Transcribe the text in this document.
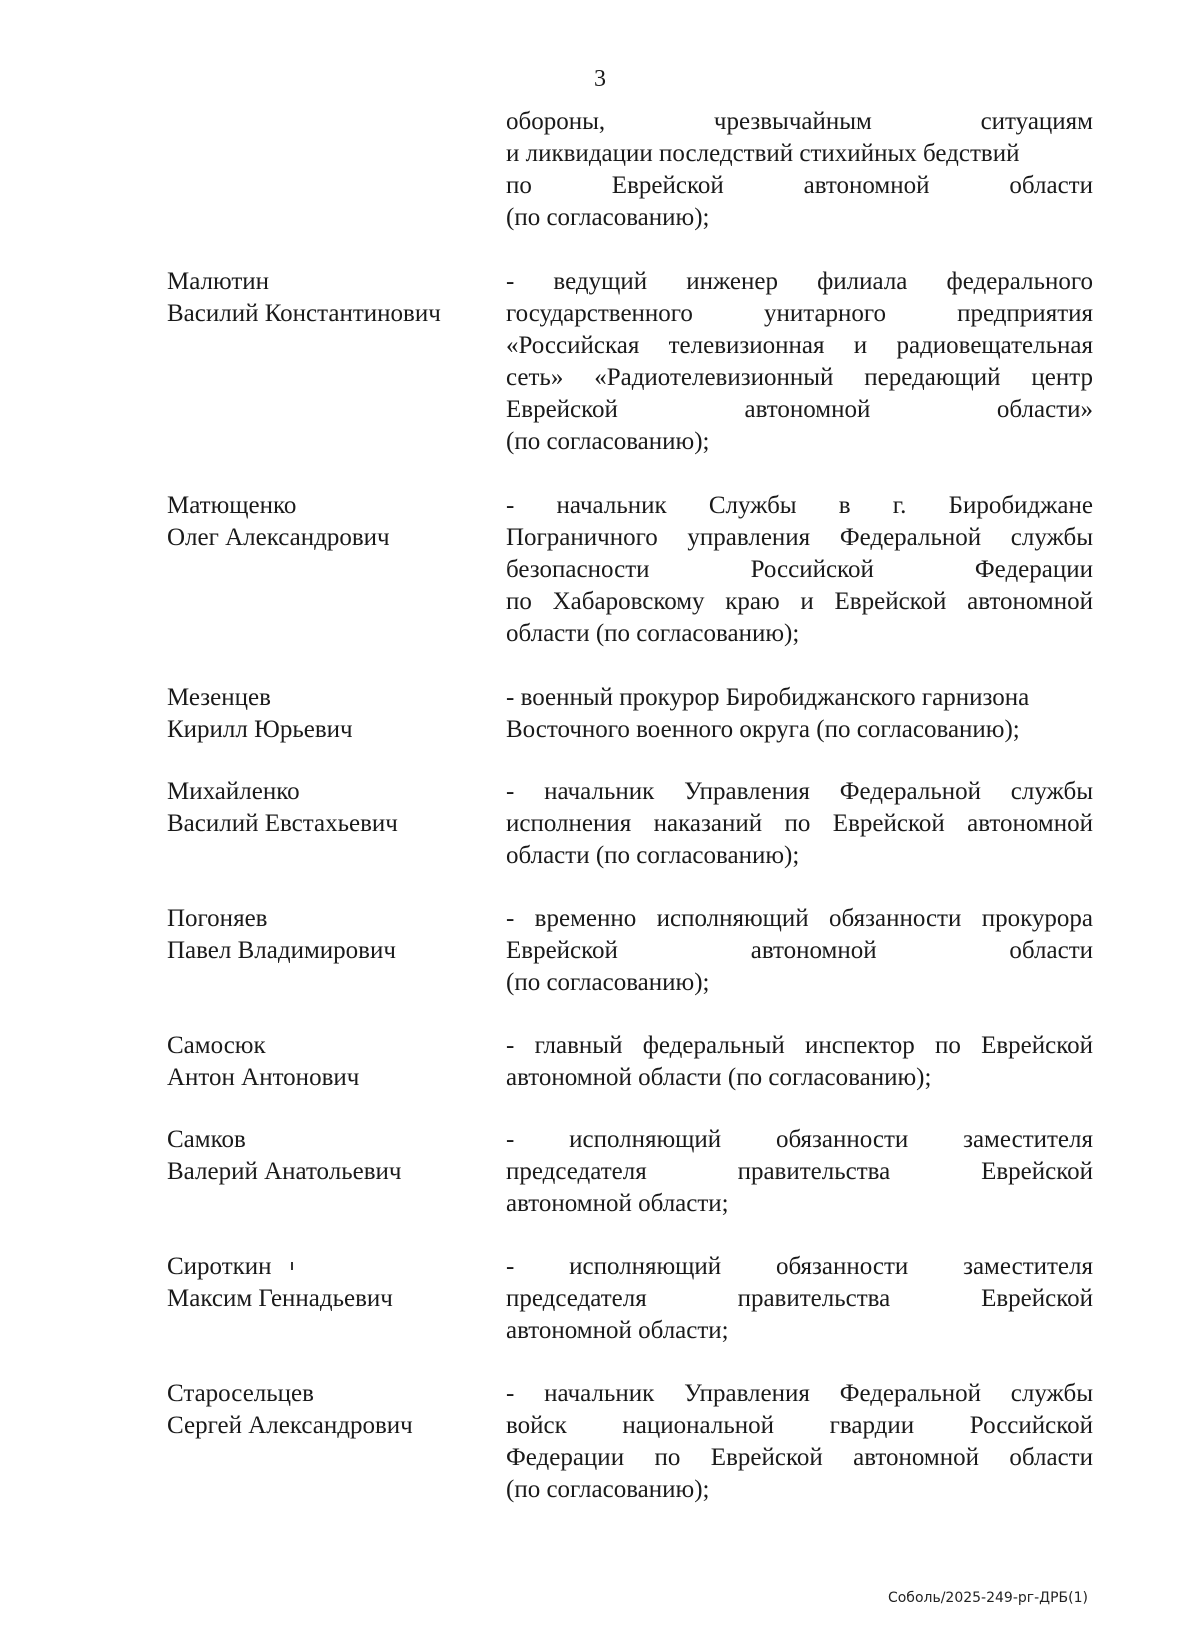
3
обороны, чрезвычайным ситуациям
и ликвидации последствий стихийных бедствий
по Еврейской автономной области
(по согласованию);
Малютин
Василий Константинович
- ведущий инженер филиала федерального
государственного унитарного предприятия
«Российская телевизионная и радиовещательная
сеть» «Радиотелевизионный передающий центр
Еврейской автономной области»
(по согласованию);
Матющенко
Олег Александрович
- начальник Службы в г. Биробиджане
Пограничного управления Федеральной службы
безопасности Российской Федерации
по Хабаровскому краю и Еврейской автономной
области (по согласованию);
Мезенцев
Кирилл Юрьевич
- военный прокурор Биробиджанского гарнизона
Восточного военного округа (по согласованию);
Михайленко
Василий Евстахьевич
- начальник Управления Федеральной службы
исполнения наказаний по Еврейской автономной
области (по согласованию);
Погоняев
Павел Владимирович
- временно исполняющий обязанности прокурора
Еврейской автономной области
(по согласованию);
Самосюк
Антон Антонович
- главный федеральный инспектор по Еврейской
автономной области (по согласованию);
Самков
Валерий Анатольевич
- исполняющий обязанности заместителя
председателя правительства Еврейской
автономной области;
Сироткин
Максим Геннадьевич
- исполняющий обязанности заместителя
председателя правительства Еврейской
автономной области;
Старосельцев
Сергей Александрович
- начальник Управления Федеральной службы
войск национальной гвардии Российской
Федерации по Еврейской автономной области
(по согласованию);
Соболь/2025-249-рг-ДРБ(1)
